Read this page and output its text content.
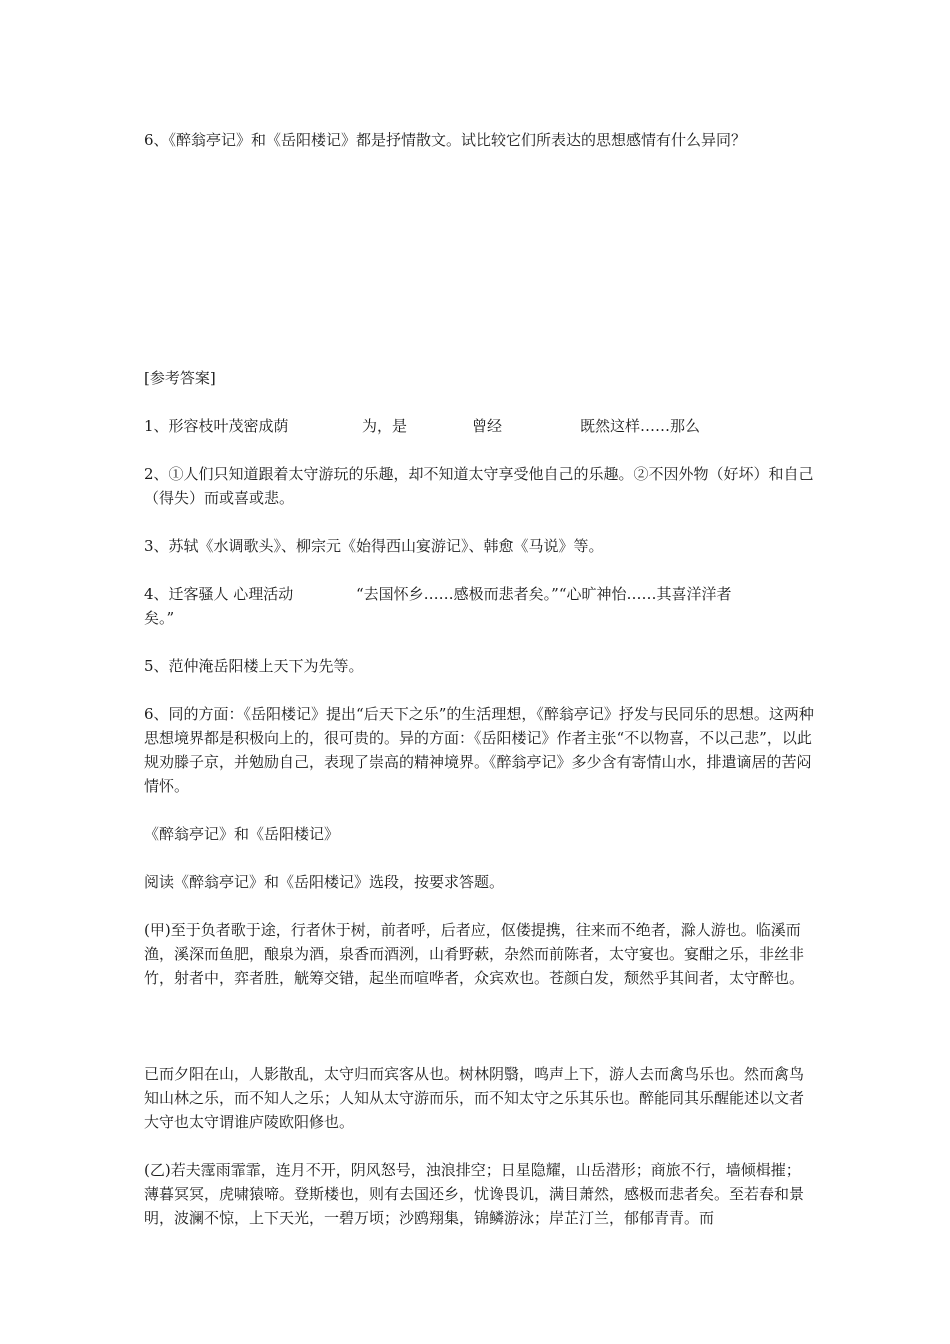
6、《醉翁亭记》和《岳阳楼记》都是抒情散文。试比较它们所表达的思想感情有什么异同？
[参考答案]
1、形容枝叶茂密成荫	为，是	曾经	既然这样……那么
2、①人们只知道跟着太守游玩的乐趣，却不知道太守享受他自己的乐趣。②不因外物（好坏）和自己（得失）而或喜或悲。
3、苏轼《水调歌头》、柳宗元《始得西山宴游记》、韩愈《马说》等。
4、迁客骚人 心理活动	“去国怀乡……感极而悲者矣。”“心旷神怡……其喜洋洋者
矣。”
5、范仲淹岳阳楼上天下为先等。
6、同的方面：《岳阳楼记》提出“后天下之乐”的生活理想，《醉翁亭记》抒发与民同乐的思想。这两种思想境界都是积极向上的，很可贵的。异的方面：《岳阳楼记》作者主张“不以物喜，不以己悲”，以此规劝滕子京，并勉励自己，表现了崇高的精神境界。《醉翁亭记》多少含有寄情山水，排遣谪居的苦闷情怀。
《醉翁亭记》和《岳阳楼记》
阅读《醉翁亭记》和《岳阳楼记》选段，按要求答题。
(甲)至于负者歌于途，行者休于树，前者呼，后者应，伛偻提携，往来而不绝者，滁人游也。临溪而渔，溪深而鱼肥，酿泉为酒，泉香而酒洌，山肴野蔌，杂然而前陈者，太守宴也。宴酣之乐，非丝非竹，射者中，弈者胜，觥筹交错，起坐而喧哗者，众宾欢也。苍颜白发，颓然乎其间者，太守醉也。
已而夕阳在山，人影散乱，太守归而宾客从也。树林阴翳，鸣声上下，游人去而禽鸟乐也。然而禽鸟知山林之乐，而不知人之乐；人知从太守游而乐，而不知太守之乐其乐也。醉能同其乐醒能述以文者大守也太守谓谁庐陵欧阳修也。
(乙)若夫霪雨霏霏，连月不开，阴风怒号，浊浪排空；日星隐耀，山岳潜形；商旅不行，墙倾楫摧；薄暮冥冥，虎啸猿啼。登斯楼也，则有去国还乡，忧谗畏讥，满目萧然，感极而悲者矣。至若春和景明，波澜不惊，上下天光，一碧万顷；沙鸥翔集，锦鳞游泳；岸芷汀兰，郁郁青青。而
